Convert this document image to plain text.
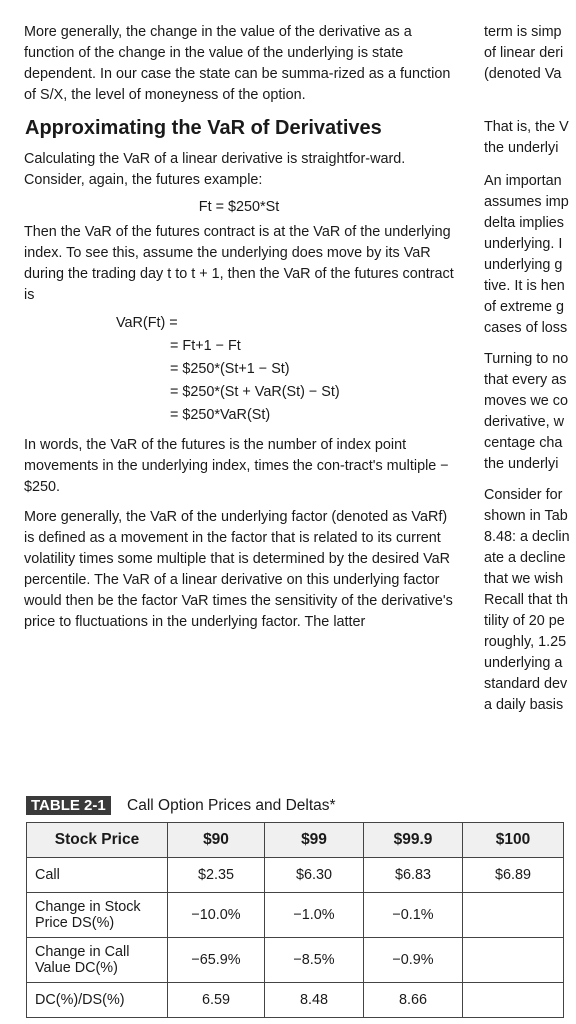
More generally, the change in the value of the derivative as a function of the change in the value of the underlying is state dependent. In our case the state can be summa-rized as a function of S/X, the level of moneyness of the option.

Approximating the VaR of Derivatives

Calculating the VaR of a linear derivative is straightfor-ward. Consider, again, the futures example:

Ft = $250*St

Then the VaR of the futures contract is at the VaR of the underlying index. To see this, assume the underlying does move by its VaR during the trading day t to t + 1, then the VaR of the futures contract is

VaR(Ft) =
= Ft+1 − Ft
= $250*(St+1 − St)
= $250*(St + VaR(St) − St)
= $250*VaR(St)

In words, the VaR of the futures is the number of index point movements in the underlying index, times the con-tract's multiple − $250.

More generally, the VaR of the underlying factor (denoted as VaRf) is defined as a movement in the factor that is related to its current volatility times some multiple that is determined by the desired VaR percentile. The VaR of a linear derivative on this underlying factor would then be the factor VaR times the sensitivity of the derivative's price to fluctuations in the underlying factor. The latter

term is simp

of linear deri

(denoted Va

That is, the V

the underlyi

An importan

assumes imp

delta implies

underlying. I

underlying g

tive. It is hen

of extreme g

cases of loss

Turning to no

that every as

moves we co

derivative, w

centage cha

the underlyi

Consider for

shown in Tab

8.48: a declin

ate a decline

that we wish

Recall that th

tility of 20 pe

roughly, 1.25

underlying a

standard dev

a daily basis

TABLE 2-1 Call Option Prices and Deltas*
Stock Price	$90	$99	$99.9	$100
Call	$2.35	$6.30	$6.83	$6.89
Change in Stock Price DS(%)	−10.0%	−1.0%	−0.1%	
Change in Call Value DC(%)	−65.9%	−8.5%	−0.9%	
DC(%)/DS(%)	6.59	8.48	8.66	
